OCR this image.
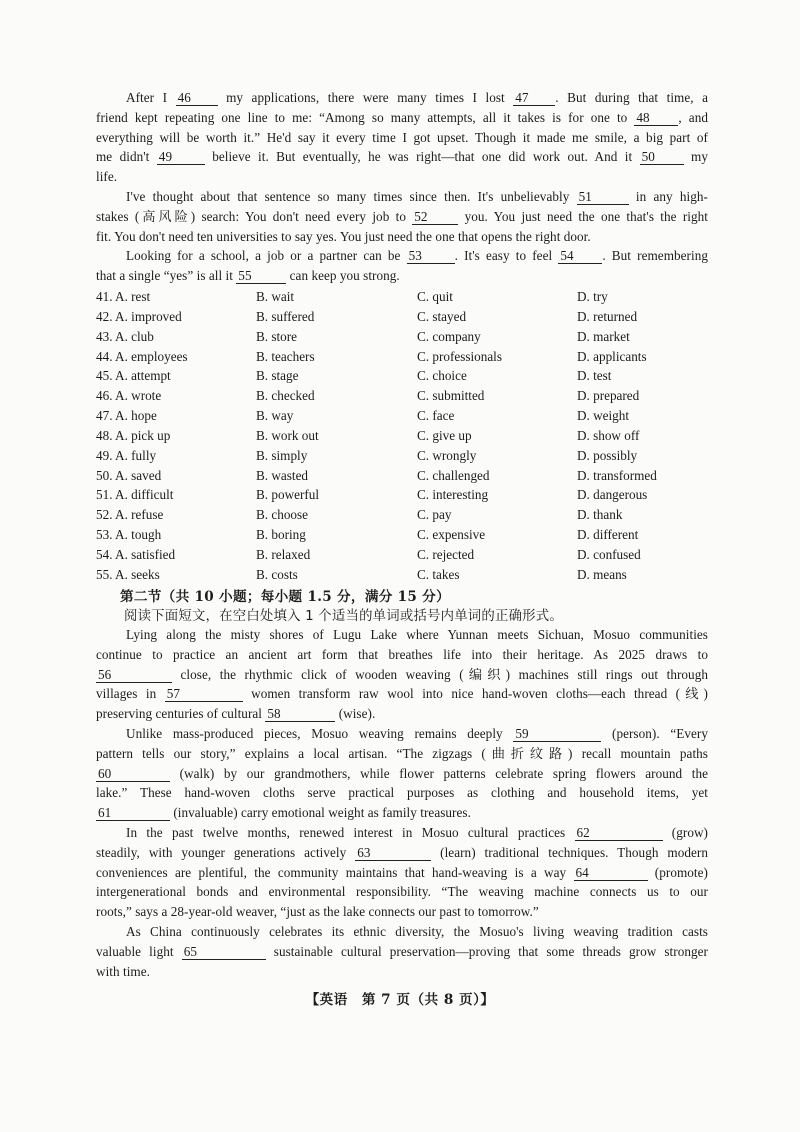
After I 46 my applications, there were many times I lost 47 . But during that time, a
friend kept repeating one line to me: “Among so many attempts, all it takes is for one to 48 , and
everything will be worth it.” He'd say it every time I got upset. Though it made me smile, a big part of
me didn't 49 believe it. But eventually, he was right—that one did work out. And it 50 my
life.
I've thought about that sentence so many times since then. It's unbelievably 51	in any high-
stakes (高风险) search: You don't need every job to 52 you. You just need the one that's the right
fit. You don't need ten universities to say yes. You just need the one that opens the right door.
Looking for a school, a job or a partner can be 53 . It's easy to feel 54 . But remembering
that a single “yes” is all it 55	can keep you strong.
41. A. rest	B. wait	C. quit	D. try
42. A. improved	B. suffered	C. stayed	D. returned
43. A. club	B. store	C. company	D. market
44. A. employees	B. teachers	C. professionals	D. applicants
45. A. attempt	B. stage	C. choice	D. test
46. A. wrote	B. checked	C. submitted	D. prepared
47. A. hope	B. way	C. face	D. weight
48. A. pick up	B. work out	C. give up	D. show off
49. A. fully	B. simply	C. wrongly	D. possibly
50. A. saved	B. wasted	C. challenged	D. transformed
51. A. difficult	B. powerful	C. interesting	D. dangerous
52. A. refuse	B. choose	C. pay	D. thank
53. A. tough	B. boring	C. expensive	D. different
54. A. satisfied	B. relaxed	C. rejected	D. confused
55. A. seeks	B. costs	C. takes	D. means
第二节（共 10 小题；每小题 1.5 分，满分 15 分）
阅读下面短文，在空白处填入 1 个适当的单词或括号内单词的正确形式。
Lying along the misty shores of Lugu Lake where Yunnan meets Sichuan, Mosuo communities
continue to practice an ancient art form that breathes life into their heritage. As 2025 draws to
56	close, the rhythmic click of wooden weaving (编织) machines still rings out through
villages in 57	women transform raw wool into nice hand-woven cloths—each thread (线)
preserving centuries of cultural 58	(wise).
Unlike mass-produced pieces, Mosuo weaving remains deeply 59	(person). “Every
pattern tells our story,” explains a local artisan. “The zigzags (曲折纹路) recall mountain paths
60	(walk) by our grandmothers, while flower patterns celebrate spring flowers around the
lake.” These hand-woven cloths serve practical purposes as clothing and household items, yet
61	(invaluable) carry emotional weight as family treasures.
In the past twelve months, renewed interest in Mosuo cultural practices 62	(grow)
steadily, with younger generations actively 63	(learn) traditional techniques. Though modern
conveniences are plentiful, the community maintains that hand-weaving is a way 64	(promote)
intergenerational bonds and environmental responsibility. “The weaving machine connects us to our
roots,” says a 28-year-old weaver, “just as the lake connects our past to tomorrow.”
As China continuously celebrates its ethnic diversity, the Mosuo's living weaving tradition casts
valuable light 65	sustainable cultural preservation—proving that some threads grow stronger
with time.
【英语　第 7 页（共 8 页）】
